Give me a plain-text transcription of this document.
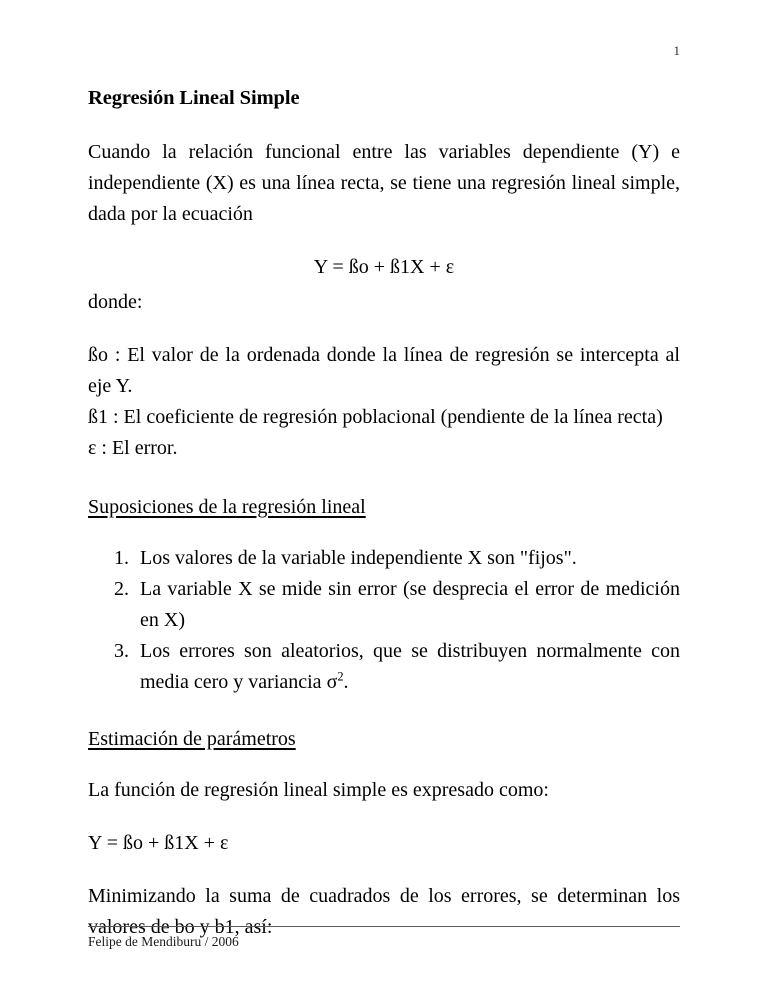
1
Regresión Lineal Simple

Cuando la relación funcional entre las variables dependiente (Y) e independiente (X) es una línea recta, se tiene una regresión lineal simple, dada por la ecuación

Y = ßo + ß1X + ε
donde:

ßo : El valor de la ordenada donde la línea de regresión se intercepta al eje Y.

ß1 : El coeficiente de regresión poblacional (pendiente de la línea recta)

ε : El error.

Suposiciones de la regresión lineal
1. Los valores de la variable independiente X son "fijos".
2. La variable X se mide sin error (se desprecia el error de medición en X)
3. Los errores son aleatorios, que se distribuyen normalmente con media cero y variancia $\sigma^2$.
Estimación de parámetros

La función de regresión lineal simple es expresado como:

Y = ßo + ß1X + ε

Minimizando la suma de cuadrados de los errores, se determinan los valores de bo y b1, así:

Felipe de Mendiburu / 2006
